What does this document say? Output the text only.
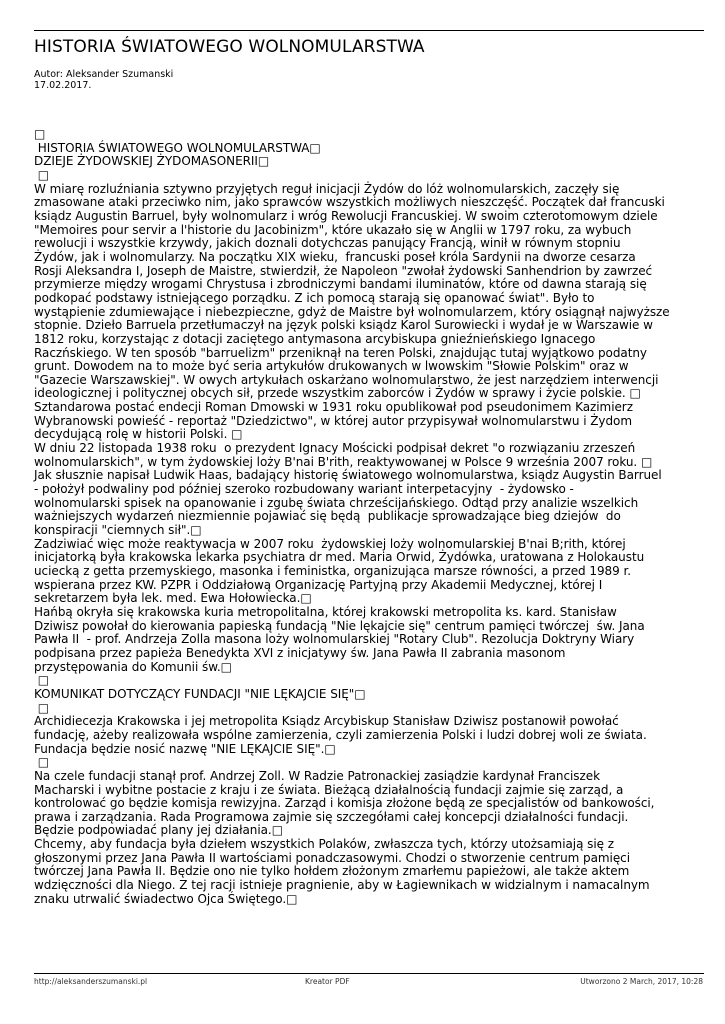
HISTORIA ŚWIATOWEGO WOLNOMULARSTWA
Autor: Aleksander Szumanski
17.02.2017.

□

HISTORIA ŚWIATOWEGO WOLNOMULARSTWA□

DZIEJE ŻYDOWSKIEJ ŻYDOMASONERII□

□

W miarę rozluźniania sztywno przyjętych reguł inicjacji Żydów do lóż wolnomularskich, zaczęły się

zmasowane ataki przeciwko nim, jako sprawców wszystkich możliwych nieszczęść. Początek dał francuski

ksiądz Augustin Barruel, były wolnomularz i wróg Rewolucji Francuskiej. W swoim czterotomowym dziele

"Memoires pour servir a l'historie du Jacobinizm", które ukazało się w Anglii w 1797 roku, za wybuch

rewolucji i wszystkie krzywdy, jakich doznali dotychczas panujący Francją, winił w równym stopniu

Żydów, jak i wolnomularzy. Na początku XIX wieku,  francuski poseł króla Sardynii na dworze cesarza

Rosji Aleksandra I, Joseph de Maistre, stwierdził, że Napoleon "zwołał żydowski Sanhendrion by zawrzeć

przymierze między wrogami Chrystusa i zbrodniczymi bandami iluminatów, które od dawna starają się

podkopać podstawy istniejącego porządku. Z ich pomocą starają się opanować świat". Było to

wystąpienie zdumiewające i niebezpieczne, gdyż de Maistre był wolnomularzem, który osiągnął najwyższe

stopnie. Dzieło Barruela przetłumaczył na język polski ksiądz Karol Surowiecki i wydał je w Warszawie w

1812 roku, korzystając z dotacji zaciętego antymasona arcybiskupa gnieźnieńskiego Ignacego

Raczńskiego. W ten sposób "barruelizm" przeniknął na teren Polski, znajdując tutaj wyjątkowo podatny

grunt. Dowodem na to może być seria artykułów drukowanych w lwowskim "Słowie Polskim" oraz w

"Gazecie Warszawskiej". W owych artykułach oskarżano wolnomularstwo, że jest narzędziem interwencji

ideologicznej i politycznej obcych sił, przede wszystkim zaborców i Żydów w sprawy i życie polskie. □

Sztandarowa postać endecji Roman Dmowski w 1931 roku opublikował pod pseudonimem Kazimierz

Wybranowski powieść - reportaż "Dziedzictwo", w której autor przypisywał wolnomularstwu i Żydom

decydującą rolę w historii Polski. □

W dniu 22 listopada 1938 roku  o prezydent Ignacy Mościcki podpisał dekret "o rozwiązaniu zrzeszeń

wolnomularskich", w tym żydowskiej loży B'nai B'rith, reaktywowanej w Polsce 9 września 2007 roku. □

Jak słusznie napisał Ludwik Haas, badający historię światowego wolnomularstwa, ksiądz Augystin Barruel

- położył podwaliny pod później szeroko rozbudowany wariant interpetacyjny  - żydowsko -

wolnomularski spisek na opanowanie i zgubę świata chrześcijańskiego. Odtąd przy analizie wszelkich

ważniejszych wydarzeń niezmiennie pojawiać się będą  publikacje sprowadzające bieg dziejów  do

konspiracji "ciemnych sił".□

Zadziwiać więc może reaktywacja w 2007 roku  żydowskiej loży wolnomularskiej B'nai B;rith, której

inicjatorką była krakowska lekarka psychiatra dr med. Maria Orwid, Żydówka, uratowana z Holokaustu

uciecką z getta przemyskiego, masonka i feministka, organizująca marsze równości, a przed 1989 r.

wspierana przez KW. PZPR i Oddziałową Organizację Partyjną przy Akademii Medycznej, której I

sekretarzem była lek. med. Ewa Hołowiecka.□

Hańbą okryła się krakowska kuria metropolitalna, której krakowski metropolita ks. kard. Stanisław

Dziwisz powołał do kierowania papieską fundacją "Nie lękajcie się" centrum pamięci twórczej  św. Jana

Pawła II  - prof. Andrzeja Zolla masona loży wolnomularskiej "Rotary Club". Rezolucja Doktryny Wiary

podpisana przez papieża Benedykta XVI z inicjatywy św. Jana Pawła II zabrania masonom

przystępowania do Komunii św.□

□

KOMUNIKAT DOTYCZĄCY FUNDACJI "NIE LĘKAJCIE SIĘ"□

□

Archidiecezja Krakowska i jej metropolita Ksiądz Arcybiskup Stanisław Dziwisz postanowił powołać

fundację, ażeby realizowała wspólne zamierzenia, czyli zamierzenia Polski i ludzi dobrej woli ze świata.

Fundacja będzie nosić nazwę "NIE LĘKAJCIE SIĘ".□

□

Na czele fundacji stanął prof. Andrzej Zoll. W Radzie Patronackiej zasiądzie kardynał Franciszek

Macharski i wybitne postacie z kraju i ze świata. Bieżącą działalnością fundacji zajmie się zarząd, a

kontrolować go będzie komisja rewizyjna. Zarząd i komisja złożone będą ze specjalistów od bankowości,

prawa i zarządzania. Rada Programowa zajmie się szczegółami całej koncepcji działalności fundacji.

Będzie podpowiadać plany jej działania.□

Chcemy, aby fundacja była dziełem wszystkich Polaków, zwłaszcza tych, którzy utożsamiają się z

głoszonymi przez Jana Pawła II wartościami ponadczasowymi. Chodzi o stworzenie centrum pamięci

twórczej Jana Pawła II. Będzie ono nie tylko hołdem złożonym zmarłemu papieżowi, ale także aktem

wdzięczności dla Niego. Z tej racji istnieje pragnienie, aby w Łagiewnikach w widzialnym i namacalnym

znaku utrwalić świadectwo Ojca Świętego.□

http://aleksanderszumanski.pl	Kreator PDF	Utworzono 2 March, 2017, 10:28
